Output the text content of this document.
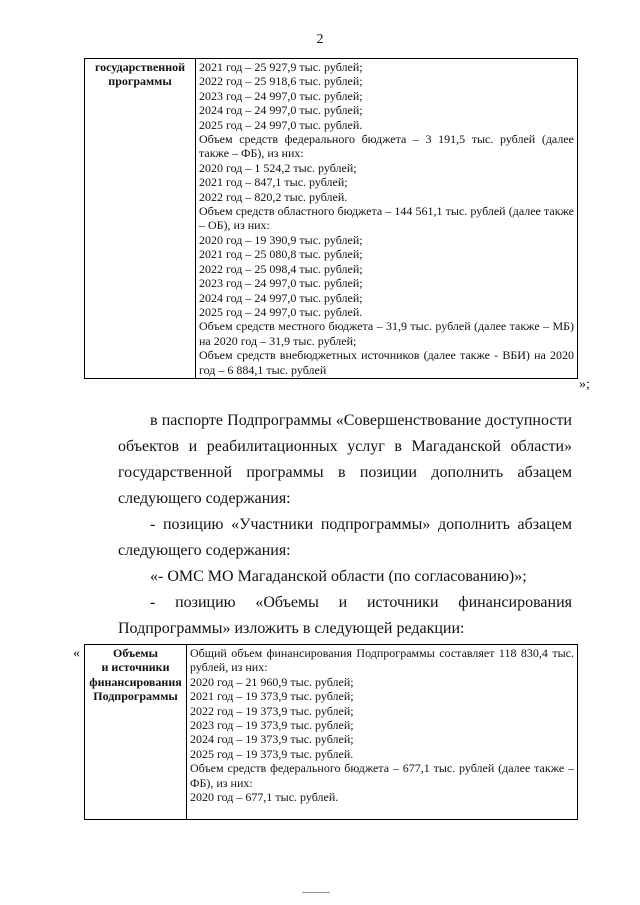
2
государственной
программы

2021 год – 25 927,9 тыс. рублей;
2022 год – 25 918,6 тыс. рублей;
2023 год – 24 997,0 тыс. рублей;
2024 год – 24 997,0 тыс. рублей;
2025 год – 24 997,0 тыс. рублей.
Объем средств федерального бюджета – 3 191,5 тыс. рублей (далее также – ФБ), из них:
2020 год – 1 524,2 тыс. рублей;
2021 год – 847,1 тыс. рублей;
2022 год – 820,2 тыс. рублей.
Объем средств областного бюджета – 144 561,1 тыс. рублей (далее также – ОБ), из них:
2020 год – 19 390,9 тыс. рублей;
2021 год – 25 080,8 тыс. рублей;
2022 год – 25 098,4 тыс. рублей;
2023 год – 24 997,0 тыс. рублей;
2024 год – 24 997,0 тыс. рублей;
2025 год – 24 997,0 тыс. рублей.
Объем средств местного бюджета – 31,9 тыс. рублей (далее также – МБ) на 2020 год – 31,9 тыс. рублей;
Объем средств внебюджетных источников (далее также - ВБИ) на 2020 год – 6 884,1 тыс. рублей
»;
в паспорте Подпрограммы «Совершенствование доступности объектов и реабилитационных услуг в Магаданской области» государственной программы в позиции дополнить абзацем следующего содержания:
- позицию «Участники подпрограммы» дополнить абзацем следующего содержания:
«- ОМС МО Магаданской области (по согласованию)»;
- позицию «Объемы и источники финансирования Подпрограммы» изложить в следующей редакции:
«	Объемы
и источники
финансирования
Подпрограммы

Общий объем финансирования Подпрограммы составляет 118 830,4 тыс. рублей, из них:
2020 год – 21 960,9 тыс. рублей;
2021 год – 19 373,9 тыс. рублей;
2022 год – 19 373,9 тыс. рублей;
2023 год – 19 373,9 тыс. рублей;
2024 год – 19 373,9 тыс. рублей;
2025 год – 19 373,9 тыс. рублей.
Объем средств федерального бюджета – 677,1 тыс. рублей (далее также – ФБ), из них:
2020 год – 677,1 тыс. рублей.
